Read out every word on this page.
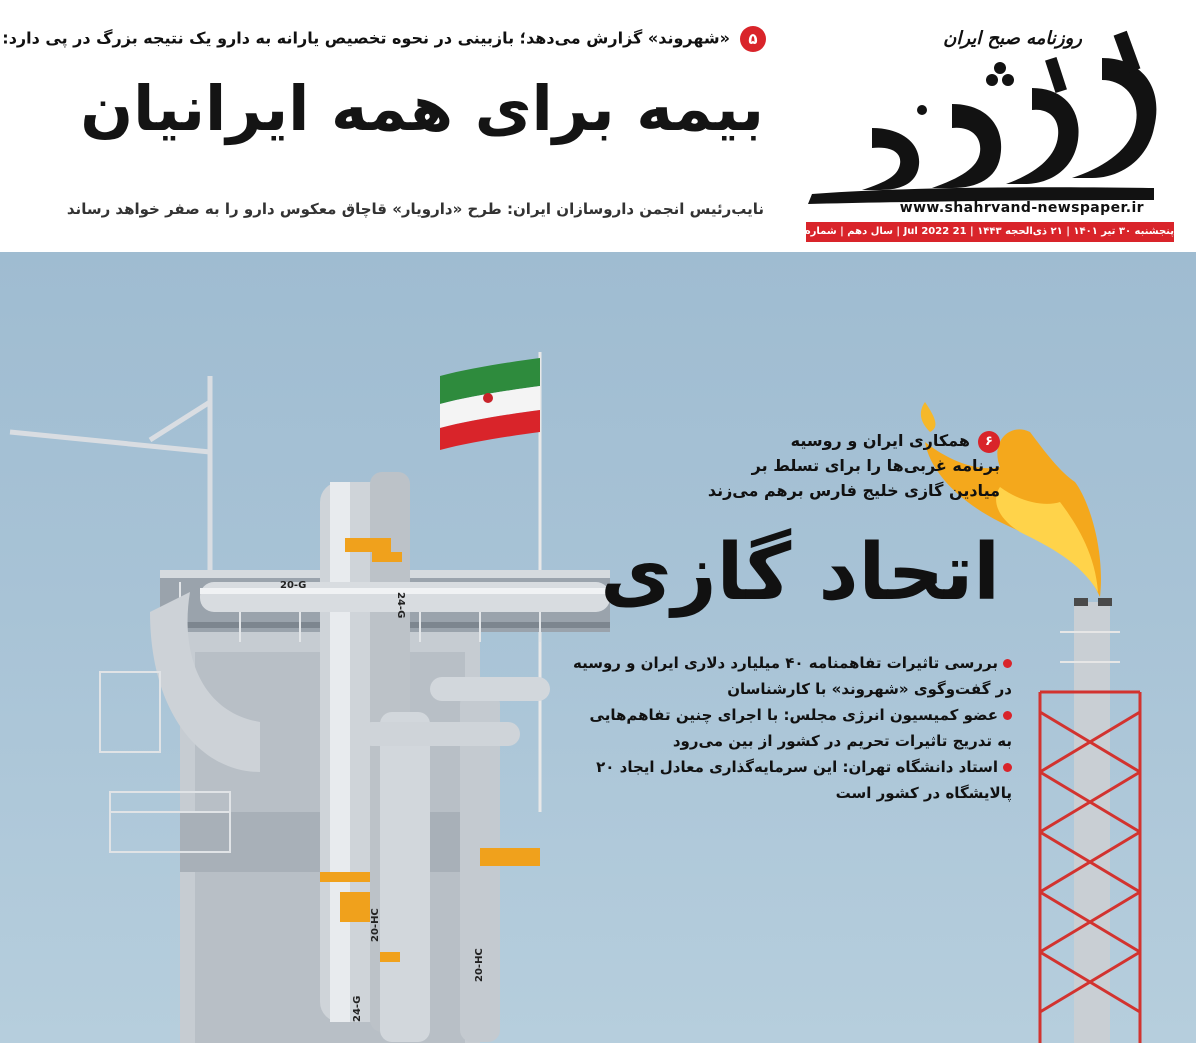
روزنامه صبح ایران
www.shahrvand-newspaper.ir
پنجشنبه ۳۰ تیر ۱۴۰۱ | ۲۱ ذی‌الحجه ۱۴۴۳ | 21 Jul 2022 | سال دهم | شماره ۲۵۷۸ | ۸ صفحه
۵«شهروند» گزارش می‌دهد؛ بازبینی در نحوه تخصیص یارانه به دارو یک نتیجه بزرگ در پی دارد:
بیمه برای همه ایرانیان
نایب‌رئیس انجمن داروسازان ایران: طرح «دارویار» قاچاق معکوس دارو را به صفر خواهد رساند
20-G
24-G
20-HC
20-HC
24-G
۶همکاری ایران و روسیه
برنامه غربی‌ها را برای تسلط بر
میادین گازی خلیج فارس برهم می‌زند
اتحاد گازی
بررسی تاثیرات تفاهمنامه ۴۰ میلیارد دلاری ایران و روسیه در گفت‌وگوی «شهروند» با کارشناسان
عضو کمیسیون انرژی مجلس: با اجرای چنین تفاهم‌هایی به تدریج تاثیرات تحریم در کشور از بین می‌رود
استاد دانشگاه تهران: این سرمایه‌گذاری معادل ایجاد ۲۰ پالایشگاه در کشور است
